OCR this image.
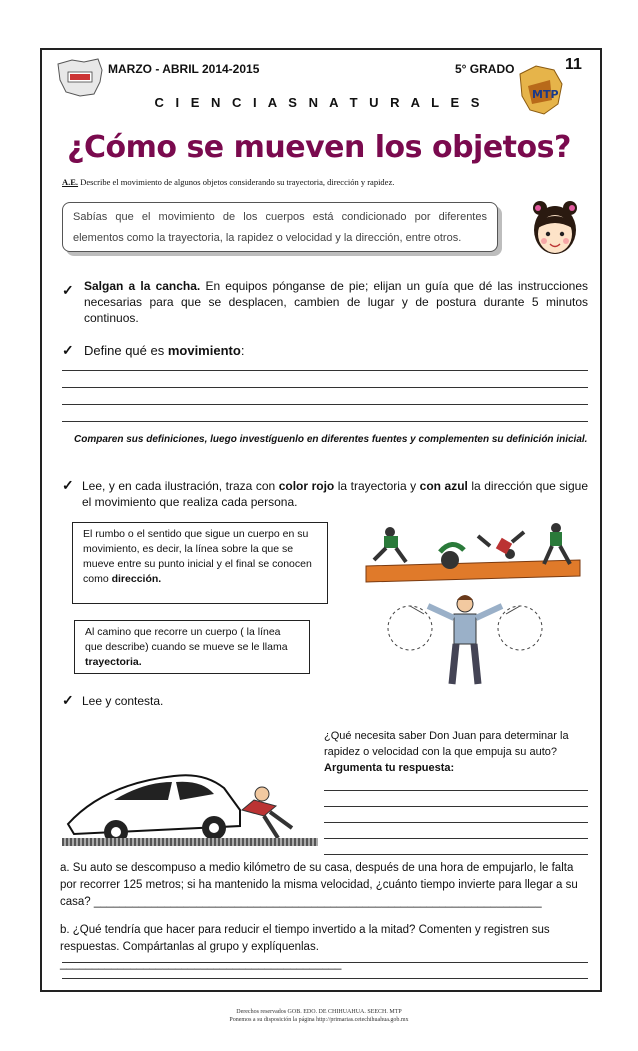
MARZO - ABRIL 2014-2015	5° GRADO	11
MTP
C I E N C I A S N A T U R A L E S
¿Cómo se mueven los objetos?
A.E. Describe el movimiento de algunos objetos considerando su trayectoria, dirección y rapidez.

Sabías que el movimiento de los cuerpos está condicionado por diferentes elementos como la trayectoria, la rapidez o velocidad y la dirección, entre otros.

✓ Salgan a la cancha. En equipos pónganse de pie; elijan un guía que dé las instrucciones necesarias para que se desplacen, cambien de lugar y de postura durante 5 minutos continuos.
✓ Define qué es movimiento:
Comparen sus definiciones, luego investíguenlo en diferentes fuentes y complementen su definición inicial.
✓ Lee, y en cada ilustración, traza con color rojo la trayectoria y con azul la dirección que sigue el movimiento que realiza cada persona.
El rumbo o el sentido que sigue un cuerpo en su movimiento, es decir, la línea sobre la que se mueve entre su punto inicial y el final se conocen como dirección.
Al camino que recorre un cuerpo ( la línea que describe) cuando se mueve se le llama trayectoria.
✓ Lee y contesta.
¿Qué necesita saber Don Juan para determinar la rapidez o velocidad con la que empuja su auto?
Argumenta tu respuesta:
a. Su auto se descompuso a medio kilómetro de su casa, después de una hora de empujarlo, le falta por recorrer 125 metros; si ha mantenido la misma velocidad, ¿cuánto tiempo invierte para llegar a su casa? ______________________________________________________________________
b. ¿Qué tendría que hacer para reducir el tiempo invertido a la mitad? Comenten y registren sus respuestas. Compártanlas al grupo y explíquenlas. ____________________________________________
Derechos reservados GOB. EDO. DE CHIHUAHUA. SEECH. MTP
Ponemos a su disposición la página http://primarias.cetechihuahua.gob.mx
